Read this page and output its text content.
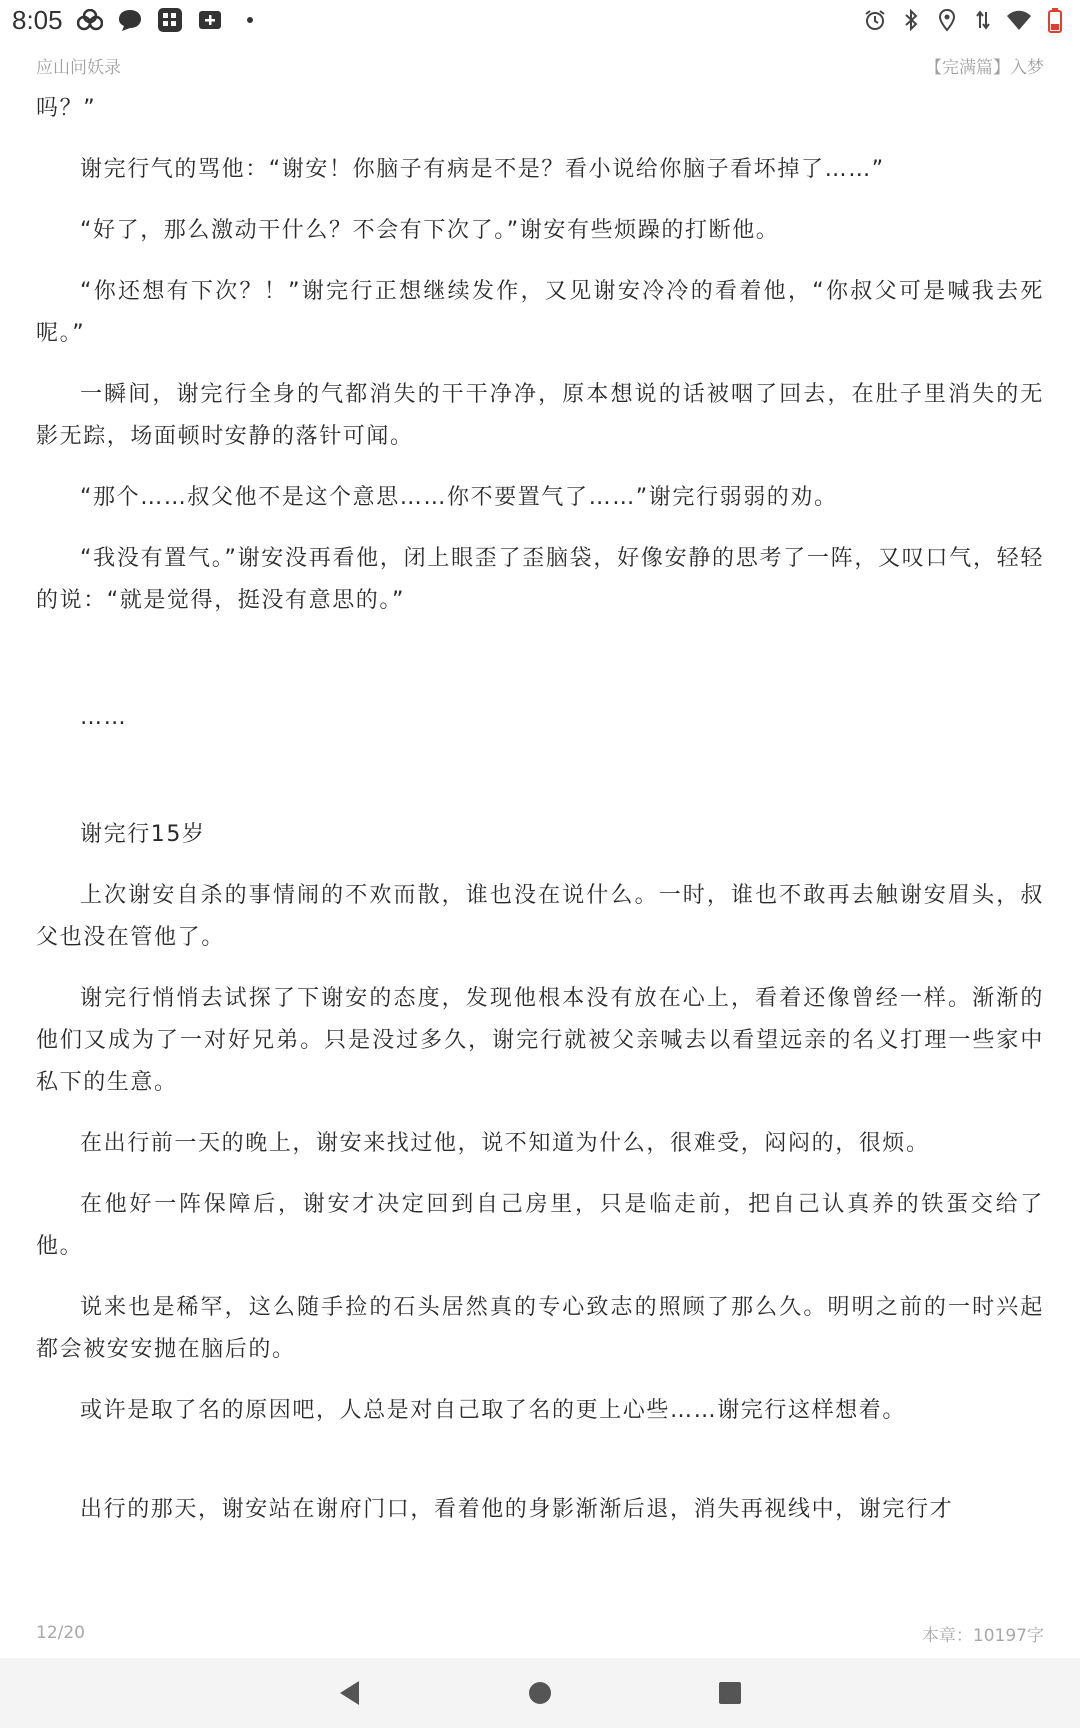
8:05
应山问妖录	【完满篇】入梦

吗？”

谢完行气的骂他：“谢安！你脑子有病是不是？看小说给你脑子看坏掉了……”

“好了，那么激动干什么？不会有下次了。”谢安有些烦躁的打断他。

“你还想有下次？！”谢完行正想继续发作，又见谢安冷冷的看着他，“你叔父可是喊我去死呢。”

一瞬间，谢完行全身的气都消失的干干净净，原本想说的话被咽了回去，在肚子里消失的无影无踪，场面顿时安静的落针可闻。

“那个……叔父他不是这个意思……你不要置气了……”谢完行弱弱的劝。

“我没有置气。”谢安没再看他，闭上眼歪了歪脑袋，好像安静的思考了一阵，又叹口气，轻轻的说：“就是觉得，挺没有意思的。”

……

谢完行15岁

上次谢安自杀的事情闹的不欢而散，谁也没在说什么。一时，谁也不敢再去触谢安眉头，叔父也没在管他了。

谢完行悄悄去试探了下谢安的态度，发现他根本没有放在心上，看着还像曾经一样。渐渐的他们又成为了一对好兄弟。只是没过多久，谢完行就被父亲喊去以看望远亲的名义打理一些家中私下的生意。

在出行前一天的晚上，谢安来找过他，说不知道为什么，很难受，闷闷的，很烦。

在他好一阵保障后，谢安才决定回到自己房里，只是临走前，把自己认真养的铁蛋交给了他。

说来也是稀罕，这么随手捡的石头居然真的专心致志的照顾了那么久。明明之前的一时兴起都会被安安抛在脑后的。

或许是取了名的原因吧，人总是对自己取了名的更上心些……谢完行这样想着。

出行的那天，谢安站在谢府门口，看着他的身影渐渐后退，消失再视线中，谢完行才

12/20	本章：10197字
